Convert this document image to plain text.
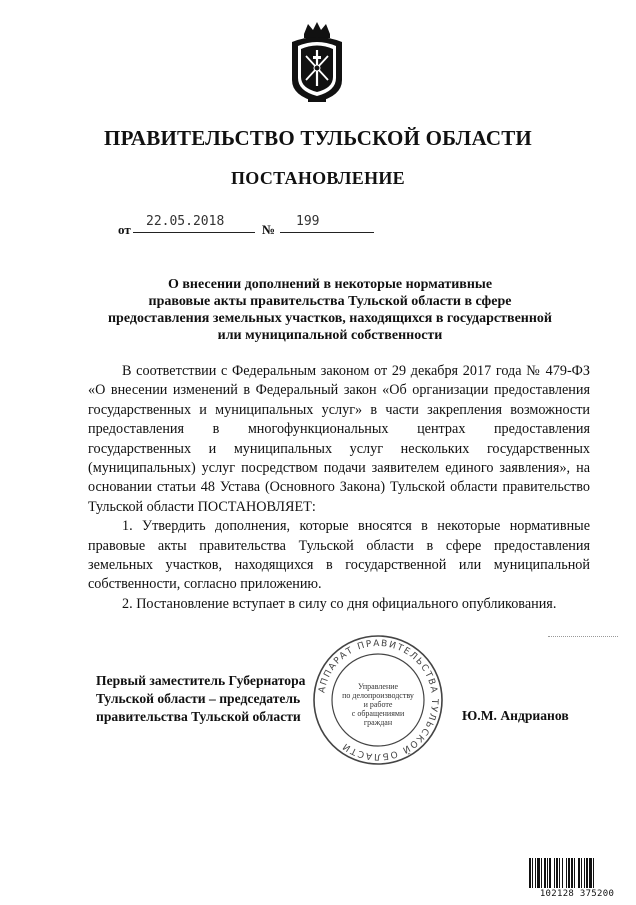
ПРАВИТЕЛЬСТВО ТУЛЬСКОЙ ОБЛАСТИ
ПОСТАНОВЛЕНИЕ
от
22.05.2018
№
199
О внесении дополнений в некоторые нормативные
правовые акты правительства Тульской области в сфере
предоставления земельных участков, находящихся в государственной
или муниципальной собственности

В соответствии с Федеральным законом от 29 декабря 2017 года № 479-ФЗ «О внесении изменений в Федеральный закон «Об организации предоставления государственных и муниципальных услуг» в части закрепления возможности предоставления в многофункциональных центрах предоставления государственных и муниципальных услуг нескольких государственных (муниципальных) услуг посредством подачи заявителем единого заявления», на основании статьи 48 Устава (Основного Закона) Тульской области правительство Тульской области ПОСТАНОВЛЯЕТ:

1. Утвердить дополнения, которые вносятся в некоторые нормативные правовые акты правительства Тульской области в сфере предоставления земельных участков, находящихся в государственной или муниципальной собственности, согласно приложению.

2. Постановление вступает в силу со дня официального опубликования.

Первый заместитель Губернатора
Тульской области – председатель
правительства Тульской области
АППАРАТ ПРАВИТЕЛЬСТВА ТУЛЬСКОЙ ОБЛАСТИ
Управление
по делопроизводству
и работе
с обращениями
граждан	Ю.М. Андрианов
102128 375200
